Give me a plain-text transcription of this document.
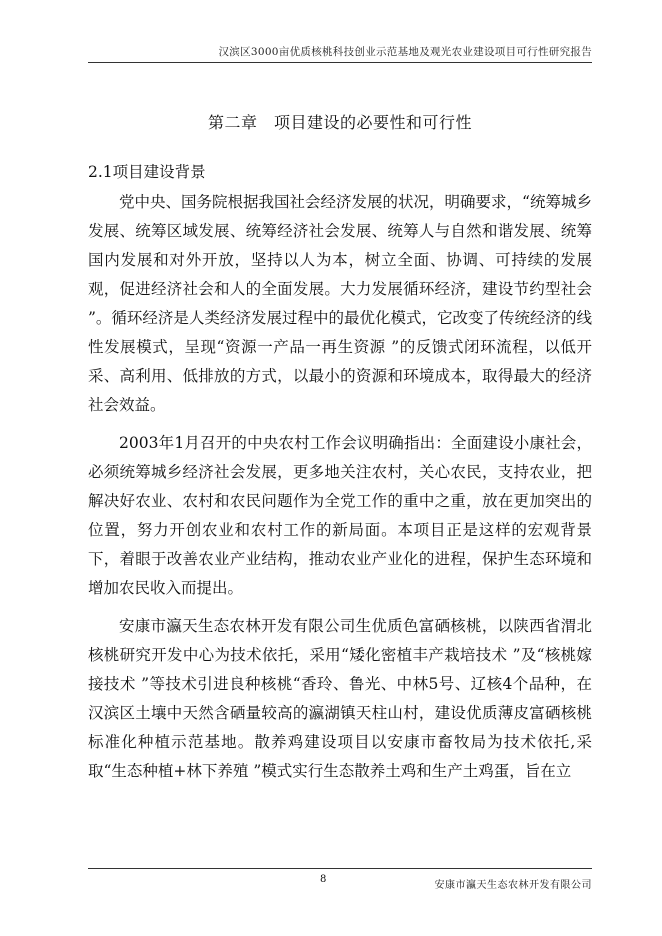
汉滨区3000亩优质核桃科技创业示范基地及观光农业建设项目可行性研究报告
第二章　项目建设的必要性和可行性
2.1项目建设背景

党中央、国务院根据我国社会经济发展的状况，明确要求，“统筹城乡发展、统筹区域发展、统筹经济社会发展、统筹人与自然和谐发展、统筹国内发展和对外开放，坚持以人为本，树立全面、协调、可持续的发展观，促进经济社会和人的全面发展。大力发展循环经济，建设节约型社会 ”。循环经济是人类经济发展过程中的最优化模式，它改变了传统经济的线性发展模式，呈现“资源一产品一再生资源 ”的反馈式闭环流程，以低开采、高利用、低排放的方式，以最小的资源和环境成本，取得最大的经济社会效益。

2003年1月召开的中央农村工作会议明确指出：全面建设小康社会，必须统筹城乡经济社会发展，更多地关注农村，关心农民，支持农业，把解决好农业、农村和农民问题作为全党工作的重中之重，放在更加突出的位置，努力开创农业和农村工作的新局面。本项目正是这样的宏观背景下，着眼于改善农业产业结构，推动农业产业化的进程，保护生态环境和增加农民收入而提出。

安康市瀛天生态农林开发有限公司生优质色富硒核桃，以陕西省渭北核桃研究开发中心为技术依托，采用“矮化密植丰产栽培技术 ”及“核桃嫁接技术 ”等技术引进良种核桃“香玲、鲁光、中林5号、辽核4个品种，在汉滨区土壤中天然含硒量较高的瀛湖镇天柱山村，建设优质薄皮富硒核桃标准化种植示范基地。散养鸡建设项目以安康市畜牧局为技术依托,采取“生态种植+林下养殖 ”模式实行生态散养土鸡和生产土鸡蛋，旨在立

8
安康市瀛天生态农林开发有限公司
